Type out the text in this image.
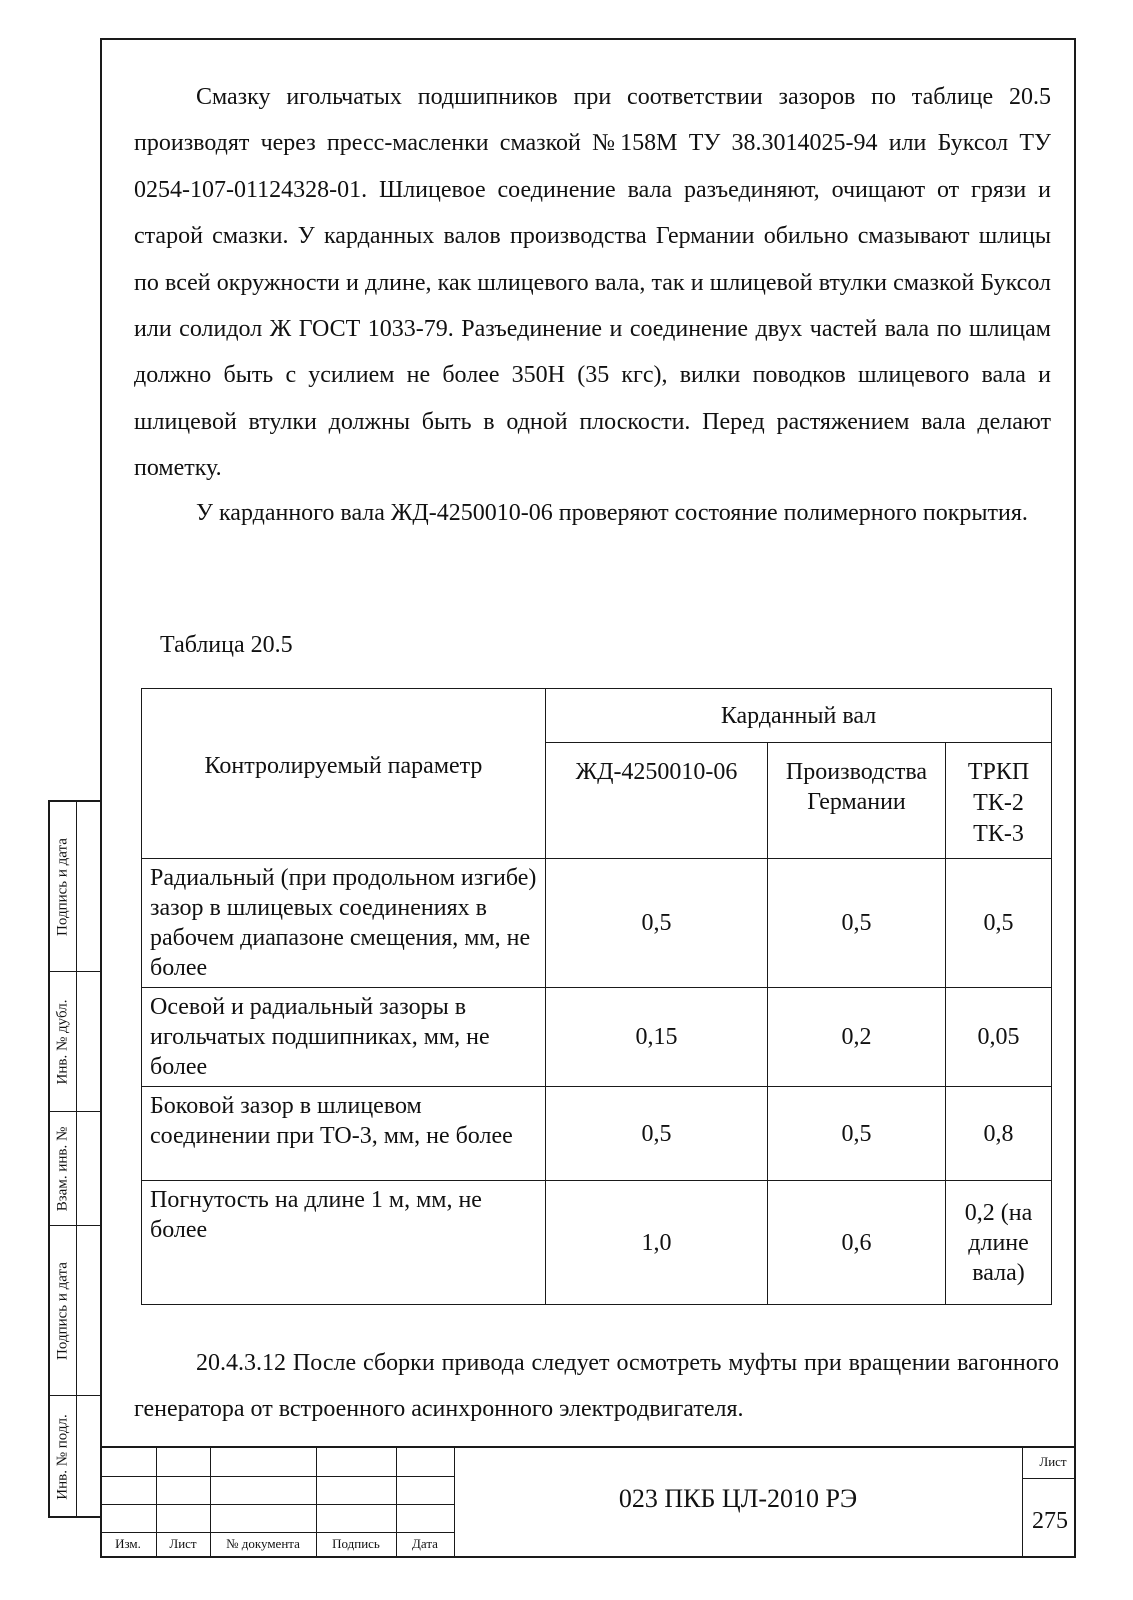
Смазку игольчатых подшипников при соответствии зазоров по таблице 20.5 производят через пресс-масленки смазкой №158М ТУ 38.3014025-94 или Буксол ТУ 0254-107-01124328-01. Шлицевое соединение вала разъединяют, очищают от грязи и старой смазки. У карданных валов производства Германии обильно смазывают шлицы по всей окружности и длине, как шлицевого вала, так и шлицевой втулки смазкой Буксол или солидол Ж ГОСТ 1033-79. Разъединение и соединение двух частей вала по шлицам должно быть с усилием не более 350Н (35 кгс), вилки поводков шлицевого вала и шлицевой втулки должны быть в одной плоскости. Перед растяжением вала делают пометку.

У карданного вала ЖД-4250010-06 проверяют состояние полимерного покрытия.

Таблица 20.5
Контролируемый параметр	Карданный вал		
	ЖД-4250010-06	Производства Германии	ТРКП ТК-2 ТК-3
Радиальный (при продольном изгибе) зазор в шлицевых соединениях в рабочем диапазоне смещения, мм, не более	0,5	0,5	0,5
Осевой и радиальный зазоры в игольчатых подшипниках, мм, не более	0,15	0,2	0,05
Боковой зазор в шлицевом соединении при ТО-3, мм, не более	0,5	0,5	0,8
Погнутость на длине 1 м, мм, не более	1,0	0,6	0,2 (на длине вала)

20.4.3.12 После сборки привода следует осмотреть муфты при вращении вагонного генератора от встроенного асинхронного электродвигателя.

Подпись и дата
Инв. № дубл.
Взам. инв. №
Подпись и дата
Инв. № подл.
Изм.	Лист	№ документа	Подпись	Дата
023 ПКБ ЦЛ-2010 РЭ
Лист
275
